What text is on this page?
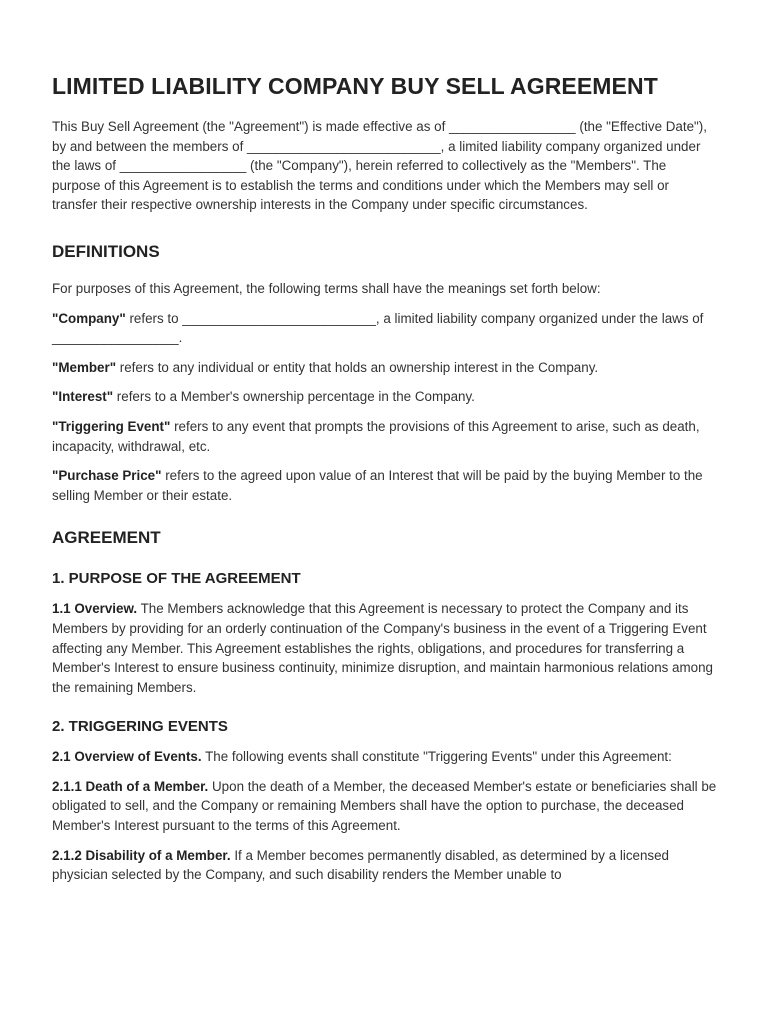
LIMITED LIABILITY COMPANY BUY SELL AGREEMENT

This Buy Sell Agreement (the "Agreement") is made effective as of _________________ (the "Effective Date"), by and between the members of __________________________, a limited liability company organized under the laws of _________________ (the "Company"), herein referred to collectively as the "Members". The purpose of this Agreement is to establish the terms and conditions under which the Members may sell or transfer their respective ownership interests in the Company under specific circumstances.

DEFINITIONS

For purposes of this Agreement, the following terms shall have the meanings set forth below:

"Company" refers to __________________________, a limited liability company organized under the laws of _________________.

"Member" refers to any individual or entity that holds an ownership interest in the Company.

"Interest" refers to a Member's ownership percentage in the Company.

"Triggering Event" refers to any event that prompts the provisions of this Agreement to arise, such as death, incapacity, withdrawal, etc.

"Purchase Price" refers to the agreed upon value of an Interest that will be paid by the buying Member to the selling Member or their estate.

AGREEMENT
1. PURPOSE OF THE AGREEMENT

1.1 Overview. The Members acknowledge that this Agreement is necessary to protect the Company and its Members by providing for an orderly continuation of the Company's business in the event of a Triggering Event affecting any Member. This Agreement establishes the rights, obligations, and procedures for transferring a Member's Interest to ensure business continuity, minimize disruption, and maintain harmonious relations among the remaining Members.

2. TRIGGERING EVENTS

2.1 Overview of Events. The following events shall constitute "Triggering Events" under this Agreement:

2.1.1 Death of a Member. Upon the death of a Member, the deceased Member's estate or beneficiaries shall be obligated to sell, and the Company or remaining Members shall have the option to purchase, the deceased Member's Interest pursuant to the terms of this Agreement.

2.1.2 Disability of a Member. If a Member becomes permanently disabled, as determined by a licensed physician selected by the Company, and such disability renders the Member unable to
